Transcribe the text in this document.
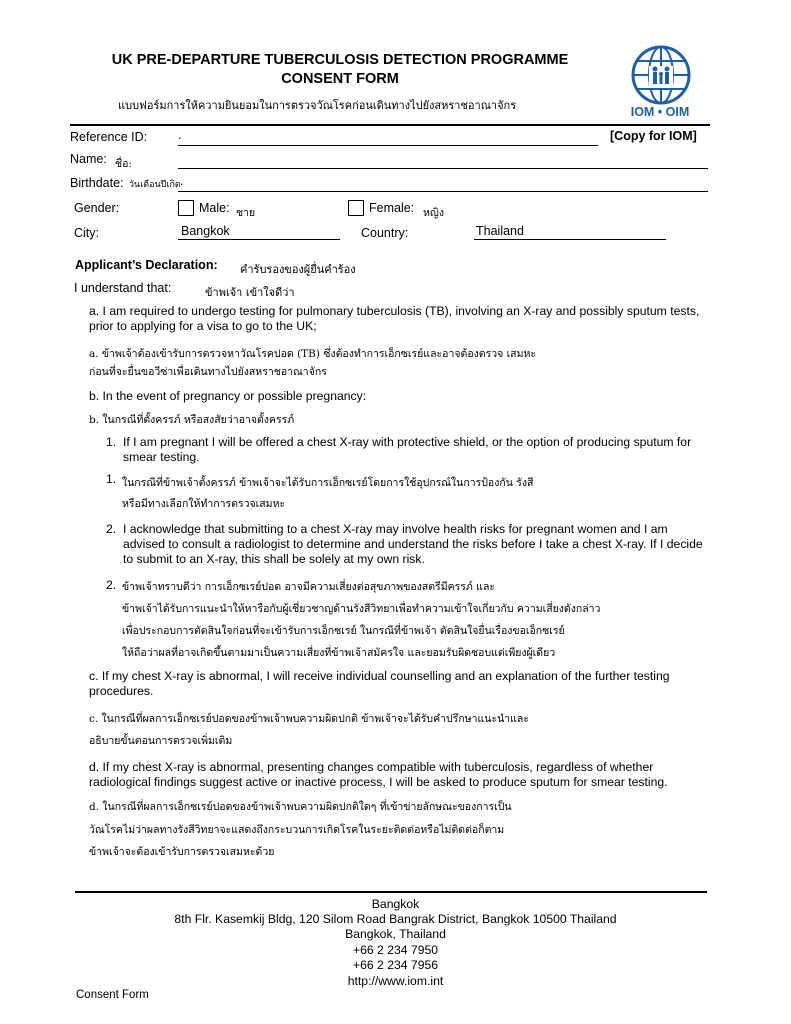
UK PRE-DEPARTURE TUBERCULOSIS DETECTION PROGRAMME
CONSENT FORM
แบบฟอร์มการให้ความยินยอมในการตรวจวัณโรคก่อนเดินทางไปยังสหราชอาณาจักร	IOM • OIM
Reference ID: .	[Copy for IOM]
Name: ชื่อ:
Birthdate: วันเดือนปีเกิด .
Gender:	Male: ชาย	Female: หญิง
City:	Bangkok	Country:	Thailand
Applicant’s Declaration: คำรับรองของผู้ยื่นคำร้อง
I understand that:	ข้าพเจ้า เข้าใจดีว่า
a. I am required to undergo testing for pulmonary tuberculosis (TB), involving an X-ray and possibly sputum tests, prior to applying for a visa to go to the UK;
a. ข้าพเจ้าต้องเข้ารับการตรวจหาวัณโรคปอด (TB) ซึ่งต้องทำการเอ็กซเรย์และอาจต้องตรวจ เสมหะ
ก่อนที่จะยื่นขอวีซ่าเพื่อเดินทางไปยังสหราชอาณาจักร
b. In the event of pregnancy or possible pregnancy:
b. ในกรณีที่ตั้งครรภ์ หรือสงสัยว่าอาจตั้งครรภ์
1. If I am pregnant I will be offered a chest X-ray with protective shield, or the option of producing sputum for smear testing.
1. ในกรณีที่ข้าพเจ้าตั้งครรภ์ ข้าพเจ้าจะได้รับการเอ็กซเรย์โดยการใช้อุปกรณ์ในการป้องกัน รังสี
หรือมีทางเลือกให้ทำการตรวจเสมหะ
2. I acknowledge that submitting to a chest X-ray may involve health risks for pregnant women and I am advised to consult a radiologist to determine and understand the risks before I take a chest X-ray. If I decide to submit to an X-ray, this shall be solely at my own risk.
2. ข้าพเจ้าทราบดีว่า การเอ็กซเรย์ปอด อาจมีความเสี่ยงต่อสุขภาพของสตรีมีครรภ์ และ
ข้าพเจ้าได้รับการแนะนำให้หารือกับผู้เชี่ยวชาญด้านรังสีวิทยาเพื่อทำความเข้าใจเกี่ยวกับ ความเสี่ยงดังกล่าว
เพื่อประกอบการตัดสินใจก่อนที่จะเข้ารับการเอ็กซเรย์ ในกรณีที่ข้าพเจ้า ตัดสินใจยื่นเรื่องขอเอ็กซเรย์
ให้ถือว่าผลที่อาจเกิดขึ้นตามมาเป็นความเสี่ยงที่ข้าพเจ้าสมัครใจ และยอมรับผิดชอบแต่เพียงผู้เดียว
c. If my chest X-ray is abnormal, I will receive individual counselling and an explanation of the further testing procedures.
c. ในกรณีที่ผลการเอ็กซเรย์ปอดของข้าพเจ้าพบความผิดปกติ ข้าพเจ้าจะได้รับคำปรึกษาแนะนำและ
อธิบายขั้นตอนการตรวจเพิ่มเติม
d. If my chest X-ray is abnormal, presenting changes compatible with tuberculosis, regardless of whether radiological findings suggest active or inactive process, I will be asked to produce sputum for smear testing.
d. ในกรณีที่ผลการเอ็กซเรย์ปอดของข้าพเจ้าพบความผิดปกติใดๆ ที่เข้าข่ายลักษณะของการเป็น
วัณโรคไม่ว่าผลทางรังสีวิทยาจะแสดงถึงกระบวนการเกิดโรคในระยะติดต่อหรือไม่ติดต่อก็ตาม
ข้าพเจ้าจะต้องเข้ารับการตรวจเสมหะด้วย
Bangkok
8th Flr. Kasemkij Bldg, 120 Silom Road Bangrak District, Bangkok 10500 Thailand
Bangkok, Thailand
+66 2 234 7950
+66 2 234 7956
http://www.iom.int
Consent Form
